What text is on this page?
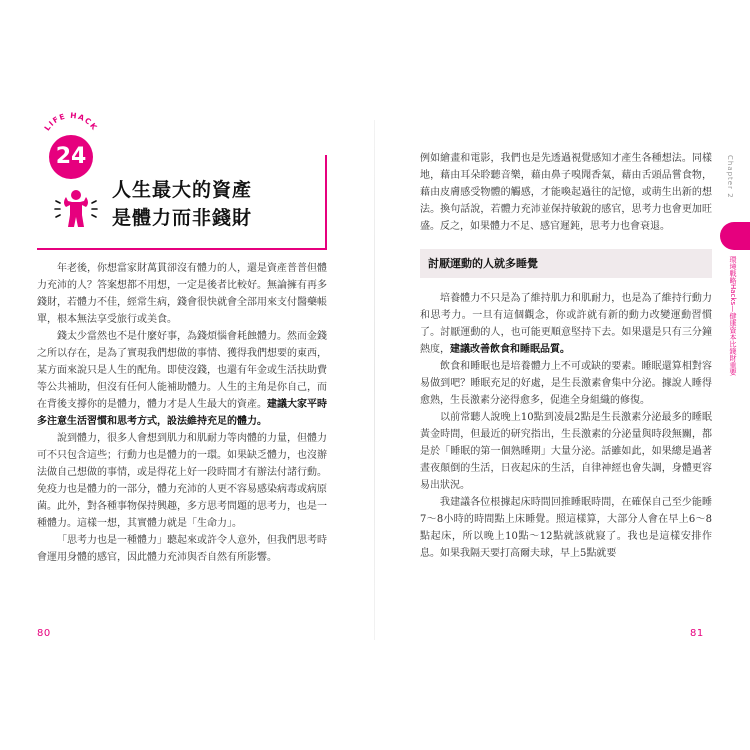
LIFE HACK
24
人生最大的資產
是體力而非錢財

年老後，你想當家財萬貫卻沒有體力的人，還是資產普普但體力充沛的人？答案想都不用想，一定是後者比較好。無論擁有再多錢財，若體力不佳，經常生病，錢會很快就會全部用來支付醫藥帳單，根本無法享受旅行或美食。

錢太少當然也不是什麼好事，為錢煩惱會耗蝕體力。然而金錢之所以存在，是為了實現我們想做的事情、獲得我們想要的東西，某方面來說只是人生的配角。即使沒錢，也還有年金或生活扶助費等公共補助，但沒有任何人能補助體力。人生的主角是你自己，而在背後支撐你的是體力，體力才是人生最大的資產。建議大家平時多注意生活習慣和思考方式，設法維持充足的體力。

說到體力，很多人會想到肌力和肌耐力等肉體的力量，但體力可不只包含這些；行動力也是體力的一環。如果缺乏體力，也沒辦法做自己想做的事情，或是得花上好一段時間才有辦法付諸行動。免疫力也是體力的一部分，體力充沛的人更不容易感染病毒或病原菌。此外，對各種事物保持興趣，多方思考問題的思考力，也是一種體力。這樣一想，其實體力就是「生命力」。

「思考力也是一種體力」聽起來或許令人意外，但我們思考時會運用身體的感官，因此體力充沛與否自然有所影響。

80

例如繪畫和電影，我們也是先透過視覺感知才產生各種想法。同樣地，藉由耳朵聆聽音樂，藉由鼻子嗅聞香氣，藉由舌頭品嘗食物，藉由皮膚感受物體的觸感，才能喚起過往的記憶，或萌生出新的想法。換句話說，若體力充沛並保持敏銳的感官，思考力也會更加旺盛。反之，如果體力不足、感官遲鈍，思考力也會衰退。

討厭運動的人就多睡覺

培養體力不只是為了維持肌力和肌耐力，也是為了維持行動力和思考力。一旦有這個觀念，你或許就有新的動力改變運動習慣了。討厭運動的人，也可能更順意堅持下去。如果還是只有三分鐘熱度，建議改善飲食和睡眠品質。

飲食和睡眠也是培養體力上不可或缺的要素。睡眠還算相對容易做到吧？睡眠充足的好處，是生長激素會集中分泌。據說人睡得愈熟，生長激素分泌得愈多，促進全身組織的修復。

以前常聽人說晚上10點到凌晨2點是生長激素分泌最多的睡眠黃金時間，但最近的研究指出，生長激素的分泌量與時段無關，都是於「睡眠的第一個熟睡期」大量分泌。話雖如此，如果總是過著晝夜顛倒的生活，日夜起床的生活，自律神經也會失調，身體更容易出狀況。

我建議各位根據起床時間回推睡眠時間，在確保自己至少能睡7～8小時的時間點上床睡覺。照這樣算，大部分人會在早上6～8點起床，所以晚上10點～12點就該就寢了。我也是這樣安排作息。如果我隔天要打高爾夫球，早上5點就要

81
Chapter 2
環境戰略Hacks—健康資本比錢財重要
